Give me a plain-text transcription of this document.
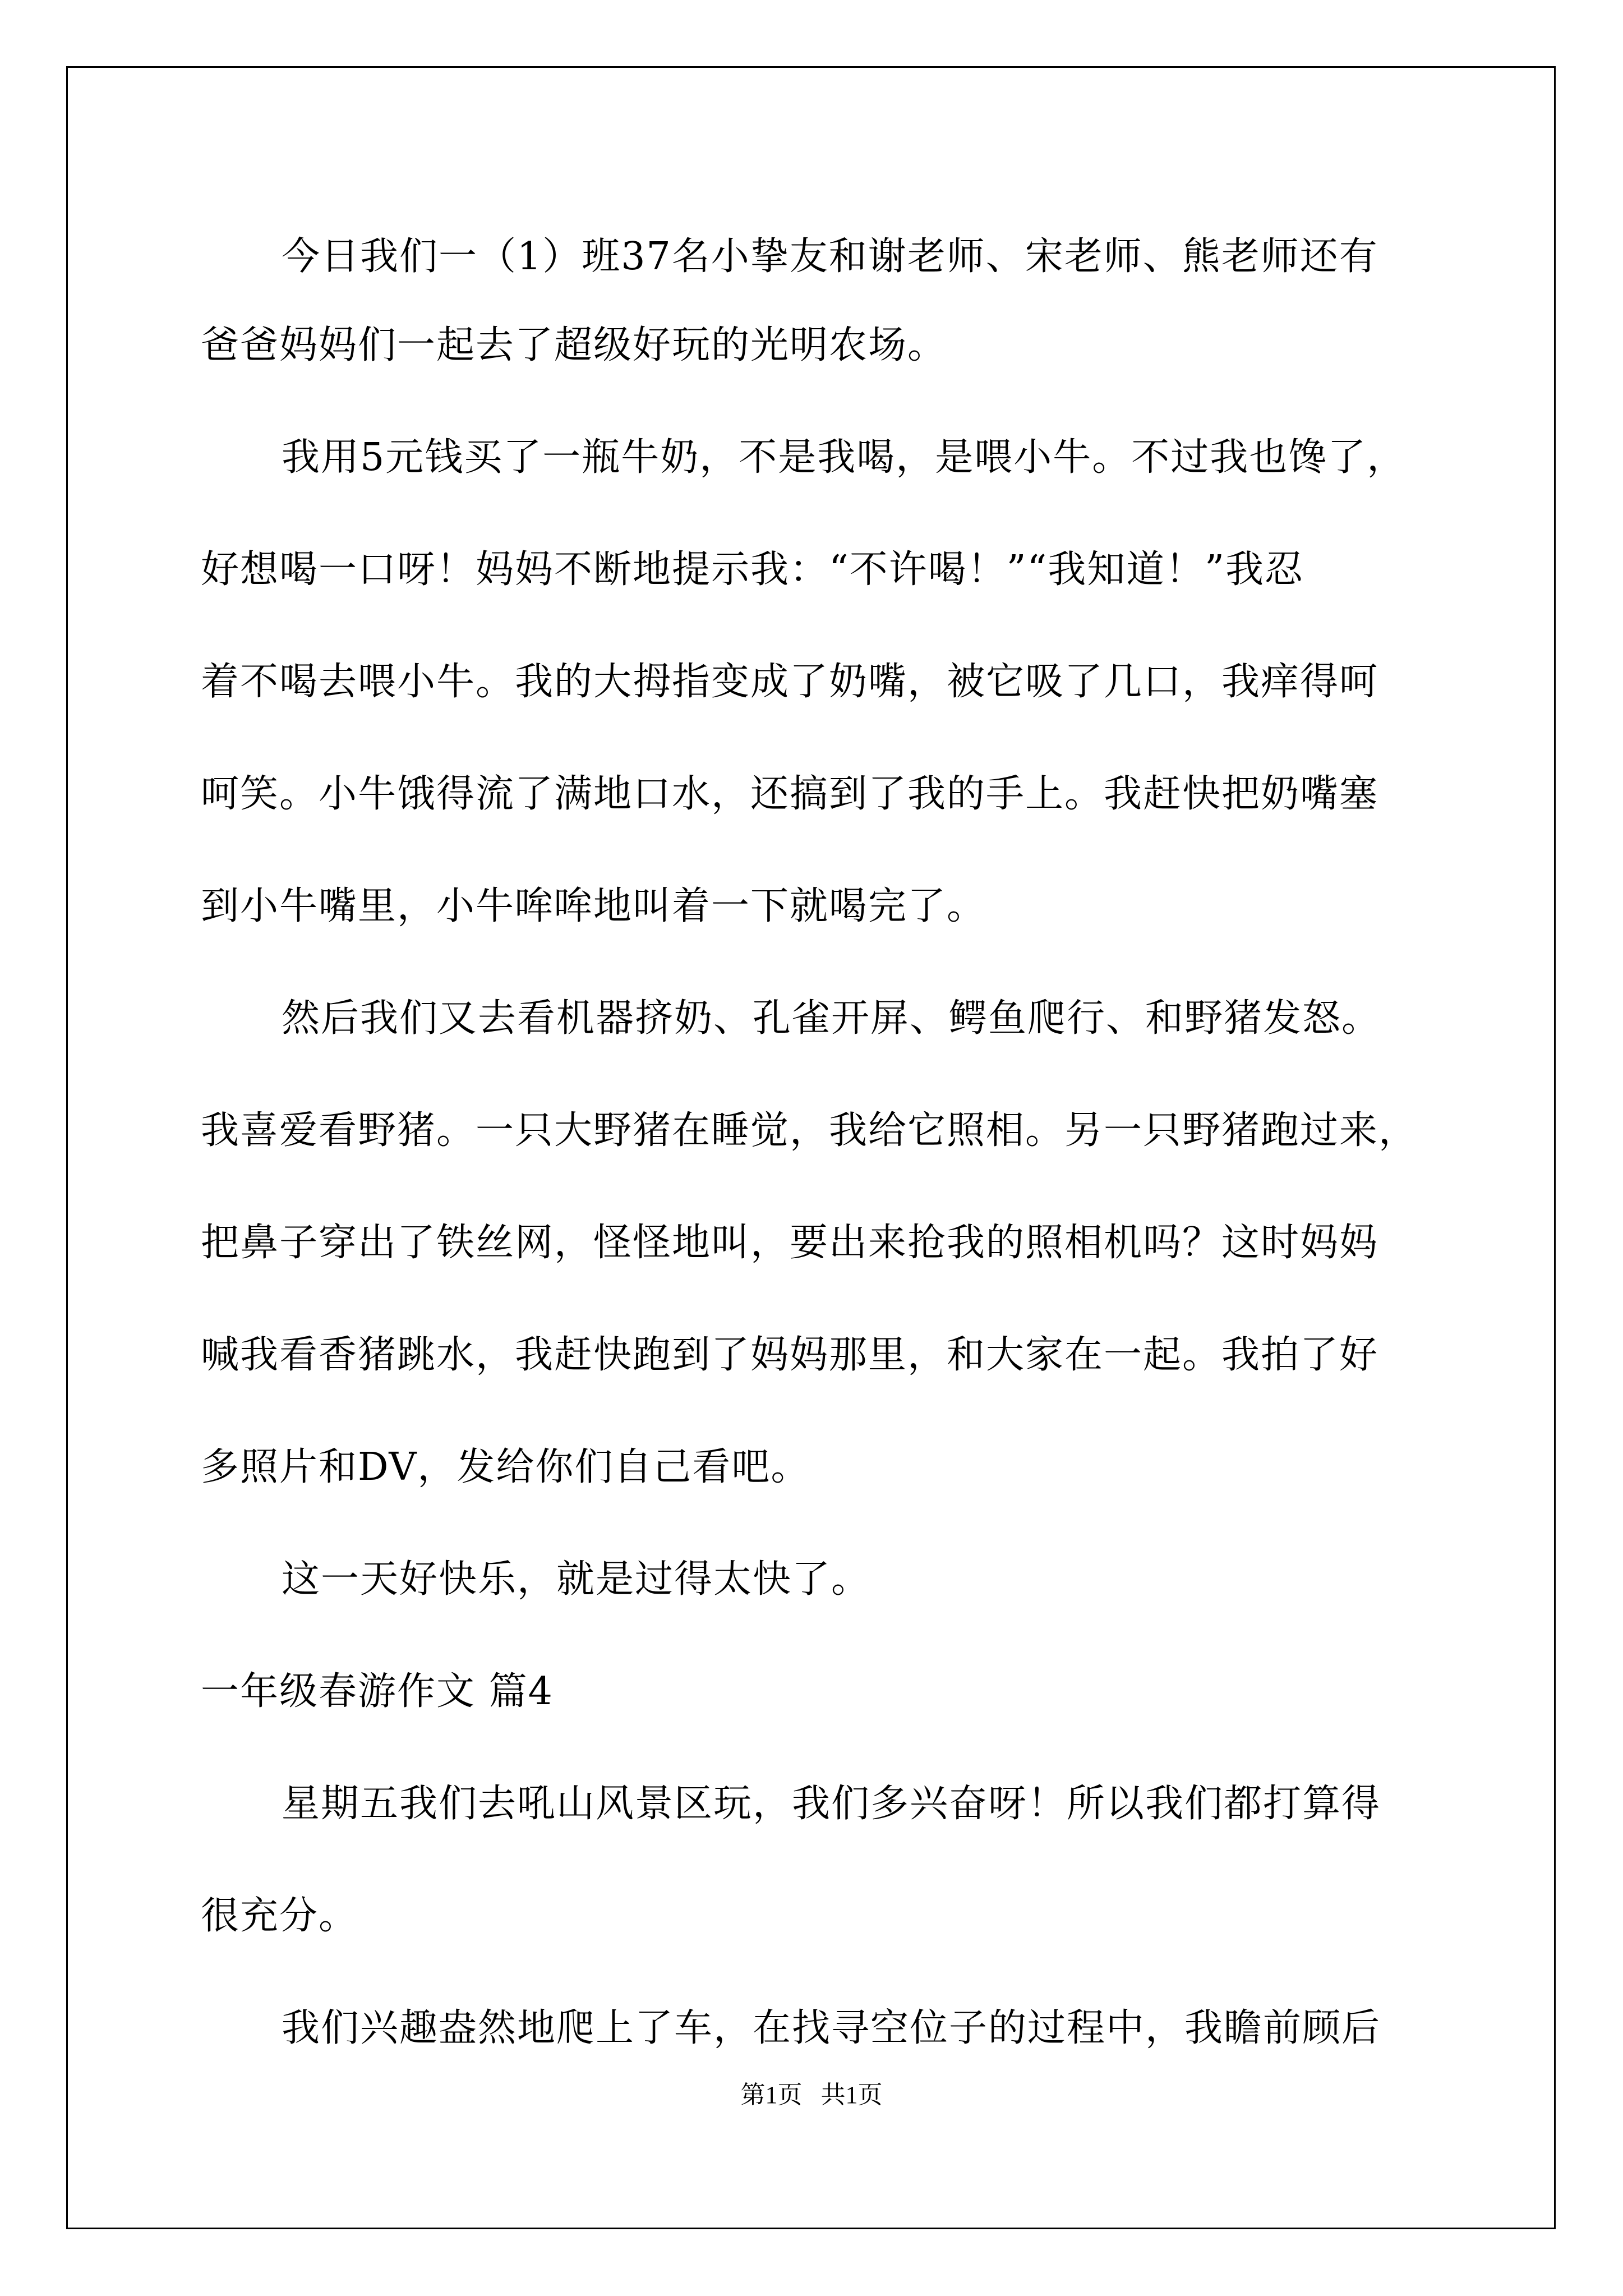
今日我们一（1）班37名小挚友和谢老师、宋老师、熊老师还有
爸爸妈妈们一起去了超级好玩的光明农场。
我用5元钱买了一瓶牛奶，不是我喝，是喂小牛。不过我也馋了，
好想喝一口呀！妈妈不断地提示我：“不许喝！”“我知道！”我忍
着不喝去喂小牛。我的大拇指变成了奶嘴，被它吸了几口，我痒得呵
呵笑。小牛饿得流了满地口水，还搞到了我的手上。我赶快把奶嘴塞
到小牛嘴里，小牛哞哞地叫着一下就喝完了。
然后我们又去看机器挤奶、孔雀开屏、鳄鱼爬行、和野猪发怒。
我喜爱看野猪。一只大野猪在睡觉，我给它照相。另一只野猪跑过来，
把鼻子穿出了铁丝网，怪怪地叫，要出来抢我的照相机吗？这时妈妈
喊我看香猪跳水，我赶快跑到了妈妈那里，和大家在一起。我拍了好
多照片和DV，发给你们自己看吧。
这一天好快乐，就是过得太快了。
一年级春游作文 篇4
星期五我们去吼山风景区玩，我们多兴奋呀！所以我们都打算得
很充分。
我们兴趣盎然地爬上了车，在找寻空位子的过程中，我瞻前顾后
第1页   共1页
